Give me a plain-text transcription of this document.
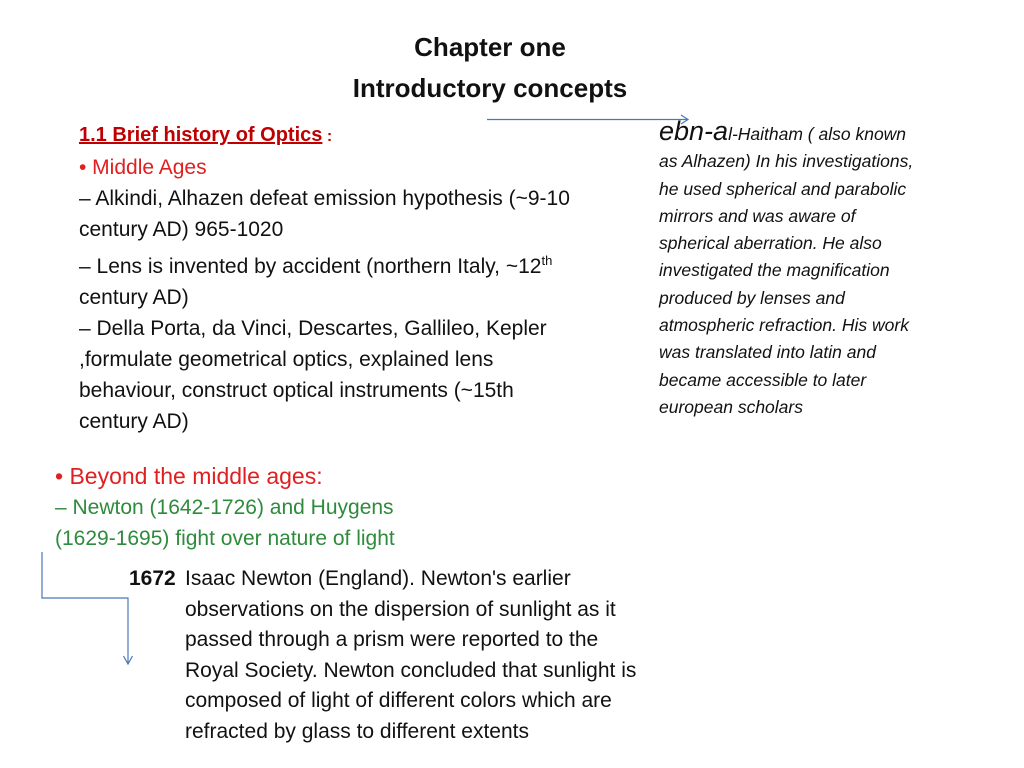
Chapter one
Introductory concepts
1.1 Brief history of Optics :
• Middle Ages
– Alkindi, Alhazen defeat emission hypothesis (~9-10
century AD) 965-1020
– Lens is invented by accident (northern Italy, ~12th
century AD)
– Della Porta, da Vinci, Descartes, Gallileo, Kepler
,formulate geometrical optics, explained lens
behaviour, construct optical instruments (~15th
century AD)
ebn-al-Haitham ( also known
as Alhazen) In his investigations,
he used spherical and parabolic
mirrors and was aware of
spherical aberration. He also
investigated the magnification
produced by lenses and
atmospheric refraction. His work
was translated into latin and
became accessible to later
european scholars
• Beyond the middle ages:
– Newton (1642-1726) and Huygens
(1629-1695) fight over nature of light
1672 Isaac Newton (England). Newton's earlier
observations on the dispersion of sunlight as it
passed through a prism were reported to the
Royal Society. Newton concluded that sunlight is
composed of light of different colors which are
refracted by glass to different extents
